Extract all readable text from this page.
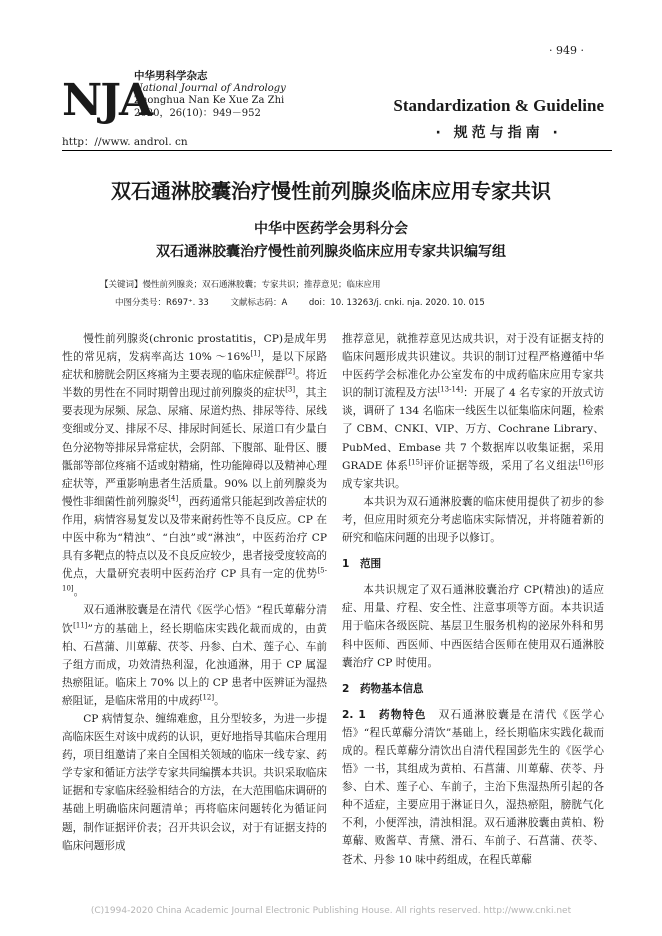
· 949 ·
NJA
中华男科学杂志
National Journal of Andrology
Zhonghua Nan Ke Xue Za Zhi
2020，26(10)：949－952
http：//www. androl. cn
Standardization & Guideline
· 规范与指南 ·
双石通淋胶囊治疗慢性前列腺炎临床应用专家共识
中华中医药学会男科分会
双石通淋胶囊治疗慢性前列腺炎临床应用专家共识编写组
【关键词】慢性前列腺炎；双石通淋胶囊；专家共识；推荐意见；临床应用
中图分类号：R697⁺. 33        文献标志码：A        doi：10. 13263/j. cnki. nja. 2020. 10. 015

慢性前列腺炎(chronic prostatitis，CP)是成年男性的常见病，发病率高达 10% ～16%[1]，是以下尿路症状和膀胱会阴区疼痛为主要表现的临床症候群[2]。将近半数的男性在不同时期曾出现过前列腺炎的症状[3]，其主要表现为尿频、尿急、尿痛、尿道灼热、排尿等待、尿线变细或分叉、排尿不尽、排尿时间延长、尿道口有少量白色分泌物等排尿异常症状，会阴部、下腹部、耻骨区、腰骶部等部位疼痛不适或射精痛，性功能障碍以及精神心理症状等，严重影响患者生活质量。90% 以上前列腺炎为慢性非细菌性前列腺炎[4]，西药通常只能起到改善症状的作用，病情容易复发以及带来耐药性等不良反应。CP 在中医中称为“精浊”、“白浊”或“淋浊”，中医药治疗 CP 具有多靶点的特点以及不良反应较少，患者接受度较高的优点，大量研究表明中医药治疗 CP 具有一定的优势[5-10]。

双石通淋胶囊是在清代《医学心悟》“程氏萆薢分清饮[11]”方的基础上，经长期临床实践化裁而成的，由黄柏、石菖蒲、川萆薢、茯苓、丹参、白术、莲子心、车前子组方而成，功效清热利湿，化浊通淋，用于 CP 属湿热瘀阻证。临床上 70% 以上的 CP 患者中医辨证为湿热瘀阻证，是临床常用的中成药[12]。

CP 病情复杂、缠绵难愈，且分型较多，为进一步提高临床医生对该中成药的认识，更好地指导其临床合理用药，项目组邀请了来自全国相关领域的临床一线专家、药学专家和循证方法学专家共同编撰本共识。共识采取临床证据和专家临床经验相结合的方法，在大范围临床调研的基础上明确临床问题清单；再将临床问题转化为循证问题，制作证据评价表；召开共识会议，对于有证据支持的临床问题形成

推荐意见，就推荐意见达成共识，对于没有证据支持的临床问题形成共识建议。共识的制订过程严格遵循中华中医药学会标准化办公室发布的中成药临床应用专家共识的制订流程及方法[13-14]：开展了 4 名专家的开放式访谈，调研了 134 名临床一线医生以征集临床问题，检索了 CBM、CNKI、VIP、万方、Cochrane Library、PubMed、Embase 共 7 个数据库以收集证据，采用 GRADE 体系[15]评价证据等级，采用了名义组法[16]形成专家共识。

本共识为双石通淋胶囊的临床使用提供了初步的参考，但应用时须充分考虑临床实际情况，并将随着新的研究和临床问题的出现予以修订。

1　范围

本共识规定了双石通淋胶囊治疗 CP(精浊)的适应症、用量、疗程、安全性、注意事项等方面。本共识适用于临床各级医院、基层卫生服务机构的泌尿外科和男科中医师、西医师、中西医结合医师在使用双石通淋胶囊治疗 CP 时使用。

2　药物基本信息

2. 1　药物特色　 双石通淋胶囊是在清代《医学心悟》“程氏萆薢分清饮”基础上，经长期临床实践化裁而成的。程氏萆薢分清饮出自清代程国彭先生的《医学心悟》一书，其组成为黄柏、石菖蒲、川萆薢、茯苓、丹参、白术、莲子心、车前子，主治下焦湿热所引起的各种不适症，主要应用于淋证日久，湿热瘀阻，膀胱气化不利，小便浑浊，清浊相混。双石通淋胶囊由黄柏、粉萆薢、败酱草、青黛、滑石、车前子、石菖蒲、茯苓、苍术、丹参 10 味中药组成，在程氏萆薢

(C)1994-2020 China Academic Journal Electronic Publishing House. All rights reserved. http://www.cnki.net
